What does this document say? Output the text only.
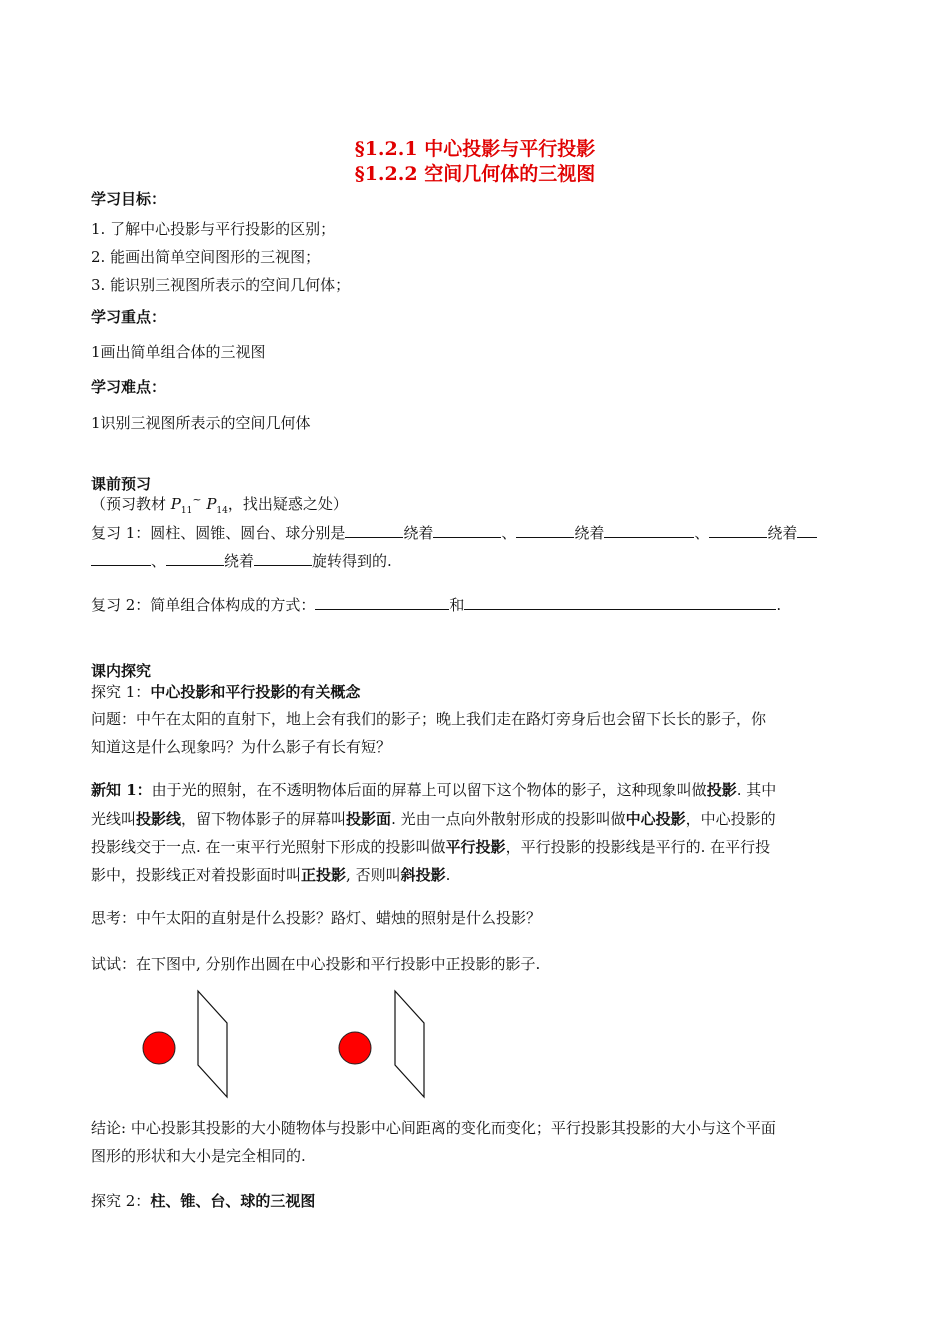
§1.2.1 中心投影与平行投影
§1.2.2 空间几何体的三视图
学习目标：
1. 了解中心投影与平行投影的区别；
2. 能画出简单空间图形的三视图；
3. 能识别三视图所表示的空间几何体；
学习重点：
1画出简单组合体的三视图
学习难点：
1识别三视图所表示的空间几何体
课前预习
（预习教材 $P_{11}^\sim$ $P_{14}$，找出疑惑之处）
复习 1：圆柱、圆锥、圆台、球分别是	绕着	、	绕着	、	绕着
、	绕着	旋转得到的.
复习 2：简单组合体构成的方式：	和	.
课内探究
探究 1：中心投影和平行投影的有关概念
问题：中午在太阳的直射下，地上会有我们的影子；晚上我们走在路灯旁身后也会留下长长的影子，你
知道这是什么现象吗？为什么影子有长有短？
新知 1：由于光的照射，在不透明物体后面的屏幕上可以留下这个物体的影子，这种现象叫做投影. 其中
光线叫投影线，留下物体影子的屏幕叫投影面. 光由一点向外散射形成的投影叫做中心投影，中心投影的
投影线交于一点. 在一束平行光照射下形成的投影叫做平行投影，平行投影的投影线是平行的. 在平行投
影中，投影线正对着投影面时叫正投影, 否则叫斜投影.
思考：中午太阳的直射是什么投影？路灯、蜡烛的照射是什么投影？
试试：在下图中, 分别作出圆在中心投影和平行投影中正投影的影子.
结论: 中心投影其投影的大小随物体与投影中心间距离的变化而变化；平行投影其投影的大小与这个平面
图形的形状和大小是完全相同的.
探究 2：柱、锥、台、球的三视图
